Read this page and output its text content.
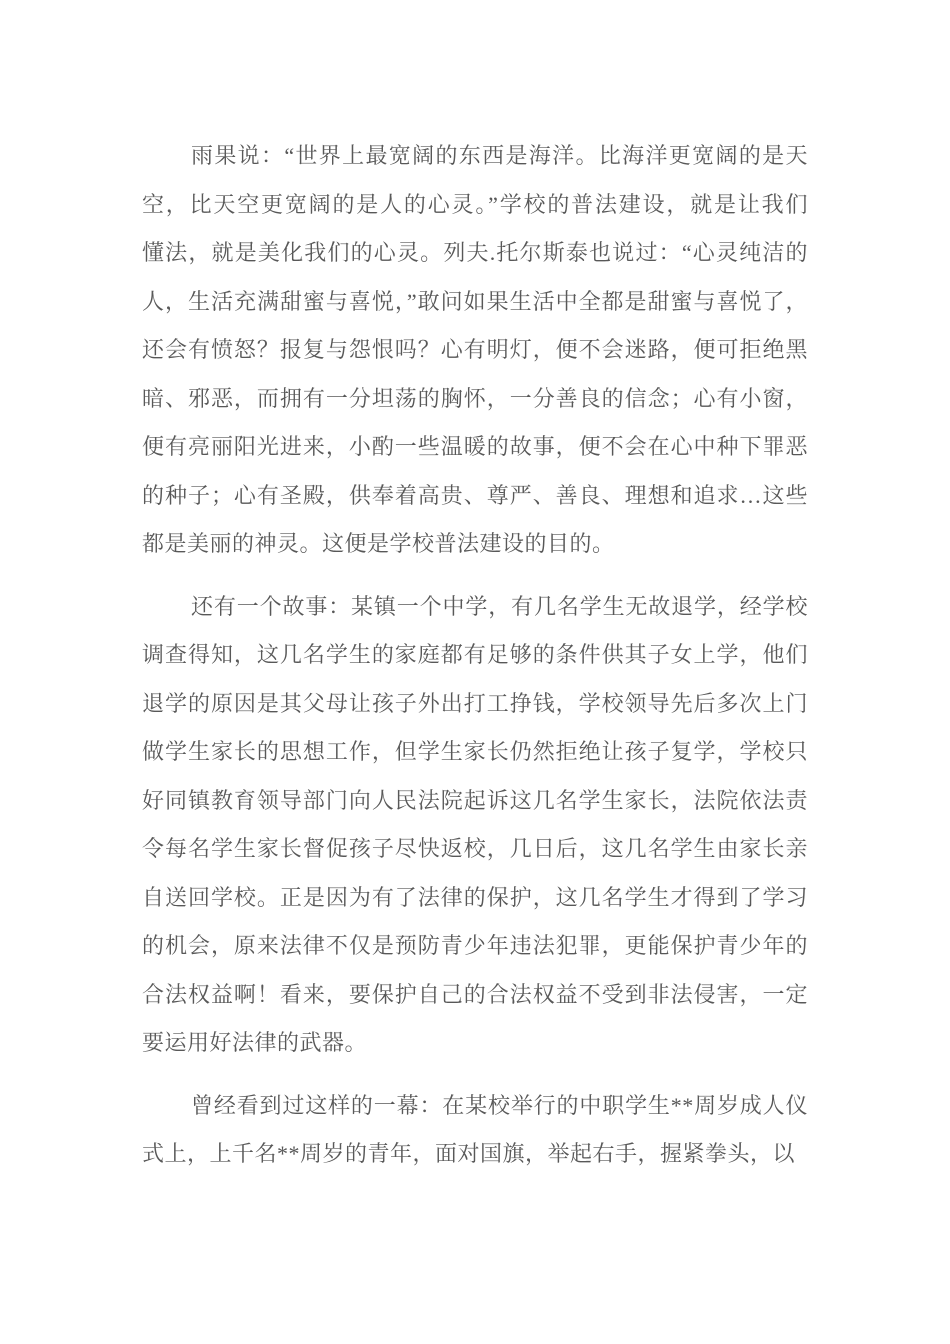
雨果说：“世界上最宽阔的东西是海洋。比海洋更宽阔的是天
空，比天空更宽阔的是人的心灵。”学校的普法建设，就是让我们
懂法，就是美化我们的心灵。列夫.托尔斯泰也说过：“心灵纯洁的
人，生活充满甜蜜与喜悦，”敢问如果生活中全都是甜蜜与喜悦了，
还会有愤怒？报复与怨恨吗？心有明灯，便不会迷路，便可拒绝黑
暗、邪恶，而拥有一分坦荡的胸怀，一分善良的信念；心有小窗，
便有亮丽阳光进来，小酌一些温暖的故事，便不会在心中种下罪恶
的种子；心有圣殿，供奉着高贵、尊严、善良、理想和追求…这些
都是美丽的神灵。这便是学校普法建设的目的。
还有一个故事：某镇一个中学，有几名学生无故退学，经学校
调查得知，这几名学生的家庭都有足够的条件供其子女上学，他们
退学的原因是其父母让孩子外出打工挣钱，学校领导先后多次上门
做学生家长的思想工作，但学生家长仍然拒绝让孩子复学，学校只
好同镇教育领导部门向人民法院起诉这几名学生家长，法院依法责
令每名学生家长督促孩子尽快返校，几日后，这几名学生由家长亲
自送回学校。正是因为有了法律的保护，这几名学生才得到了学习
的机会，原来法律不仅是预防青少年违法犯罪，更能保护青少年的
合法权益啊！看来，要保护自己的合法权益不受到非法侵害，一定
要运用好法律的武器。
曾经看到过这样的一幕：在某校举行的中职学生**周岁成人仪
式上，上千名**周岁的青年，面对国旗，举起右手，握紧拳头，以
